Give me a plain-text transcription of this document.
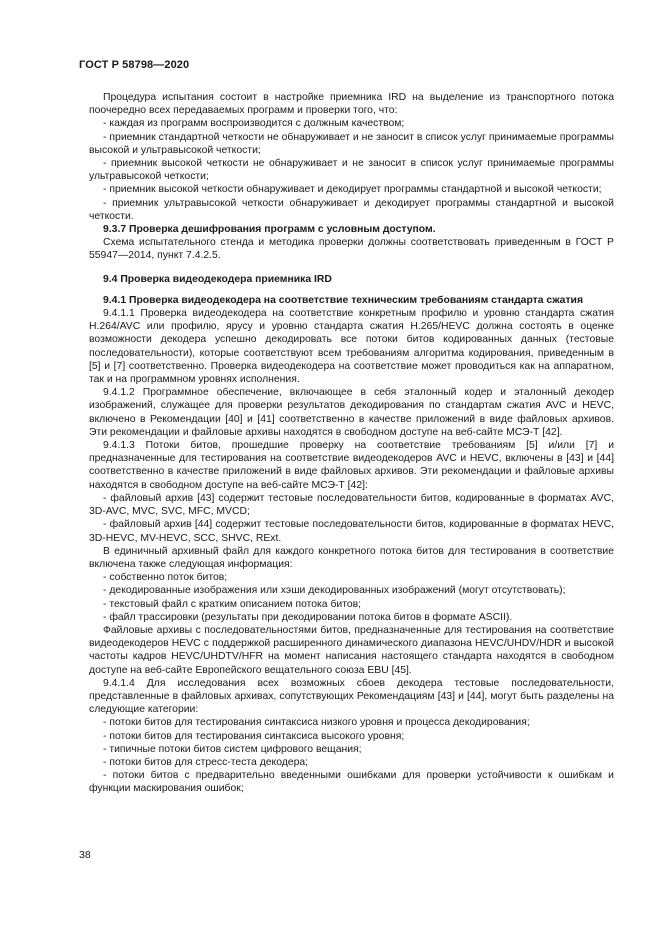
ГОСТ Р 58798—2020

Процедура испытания состоит в настройке приемника IRD на выделение из транспортного потока поочередно всех передаваемых программ и проверки того, что:

- каждая из программ воспроизводится с должным качеством;

- приемник стандартной четкости не обнаруживает и не заносит в список услуг принимаемые программы высокой и ультравысокой четкости;

- приемник высокой четкости не обнаруживает и не заносит в список услуг принимаемые программы ультравысокой четкости;

- приемник высокой четкости обнаруживает и декодирует программы стандартной и высокой четкости;

- приемник ультравысокой четкости обнаруживает и декодирует программы стандартной и высокой четкости.

9.3.7 Проверка дешифрования программ с условным доступом.

Схема испытательного стенда и методика проверки должны соответствовать приведенным в ГОСТ Р 55947—2014, пункт 7.4.2.5.

9.4 Проверка видеодекодера приемника IRD

9.4.1 Проверка видеодекодера на соответствие техническим требованиям стандарта сжатия

9.4.1.1 Проверка видеодекодера на соответствие конкретным профилю и уровню стандарта сжатия H.264/AVC или профилю, ярусу и уровню стандарта сжатия H.265/HEVC должна состоять в оценке возможности декодера успешно декодировать все потоки битов кодированных данных (тестовые последовательности), которые соответствуют всем требованиям алгоритма кодирования, приведенным в [5] и [7] соответственно. Проверка видеодекодера на соответствие может проводиться как на аппаратном, так и на программном уровнях исполнения.

9.4.1.2 Программное обеспечение, включающее в себя эталонный кодер и эталонный декодер изображений, служащее для проверки результатов декодирования по стандартам сжатия AVC и HEVC, включено в Рекомендации [40] и [41] соответственно в качестве приложений в виде файловых архивов. Эти рекомендации и файловые архивы находятся в свободном доступе на веб-сайте МСЭ-Т [42].

9.4.1.3 Потоки битов, прошедшие проверку на соответствие требованиям [5] и/или [7] и предназначенные для тестирования на соответствие видеодекодеров AVC и HEVC, включены в [43] и [44] соответственно в качестве приложений в виде файловых архивов. Эти рекомендации и файловые архивы находятся в свободном доступе на веб-сайте МСЭ-Т [42]:

- файловый архив [43] содержит тестовые последовательности битов, кодированные в форматах AVC, 3D-AVC, MVC, SVC, MFC, MVCD;

- файловый архив [44] содержит тестовые последовательности битов, кодированные в форматах HEVC, 3D-HEVC, MV-HEVC, SCC, SHVC, RExt.

В единичный архивный файл для каждого конкретного потока битов для тестирования в соответствие включена также следующая информация:

- собственно поток битов;

- декодированные изображения или хэши декодированных изображений (могут отсутствовать);

- текстовый файл с кратким описанием потока битов;

- файл трассировки (результаты при декодировании потока битов в формате ASCII).

Файловые архивы с последовательностями битов, предназначенные для тестирования на соответствие видеодекодеров HEVC с поддержкой расширенного динамического диапазона HEVC/UHDV/HDR и высокой частоты кадров HEVC/UHDTV/HFR на момент написания настоящего стандарта находятся в свободном доступе на веб-сайте Европейского вещательного союза EBU [45].

9.4.1.4 Для исследования всех возможных сбоев декодера тестовые последовательности, представленные в файловых архивах, сопутствующих Рекомендациям [43] и [44], могут быть разделены на следующие категории:

- потоки битов для тестирования синтаксиса низкого уровня и процесса декодирования;

- потоки битов для тестирования синтаксиса высокого уровня;

- типичные потоки битов систем цифрового вещания;

- потоки битов для стресс-теста декодера;

- потоки битов с предварительно введенными ошибками для проверки устойчивости к ошибкам и функции маскирования ошибок;

38
